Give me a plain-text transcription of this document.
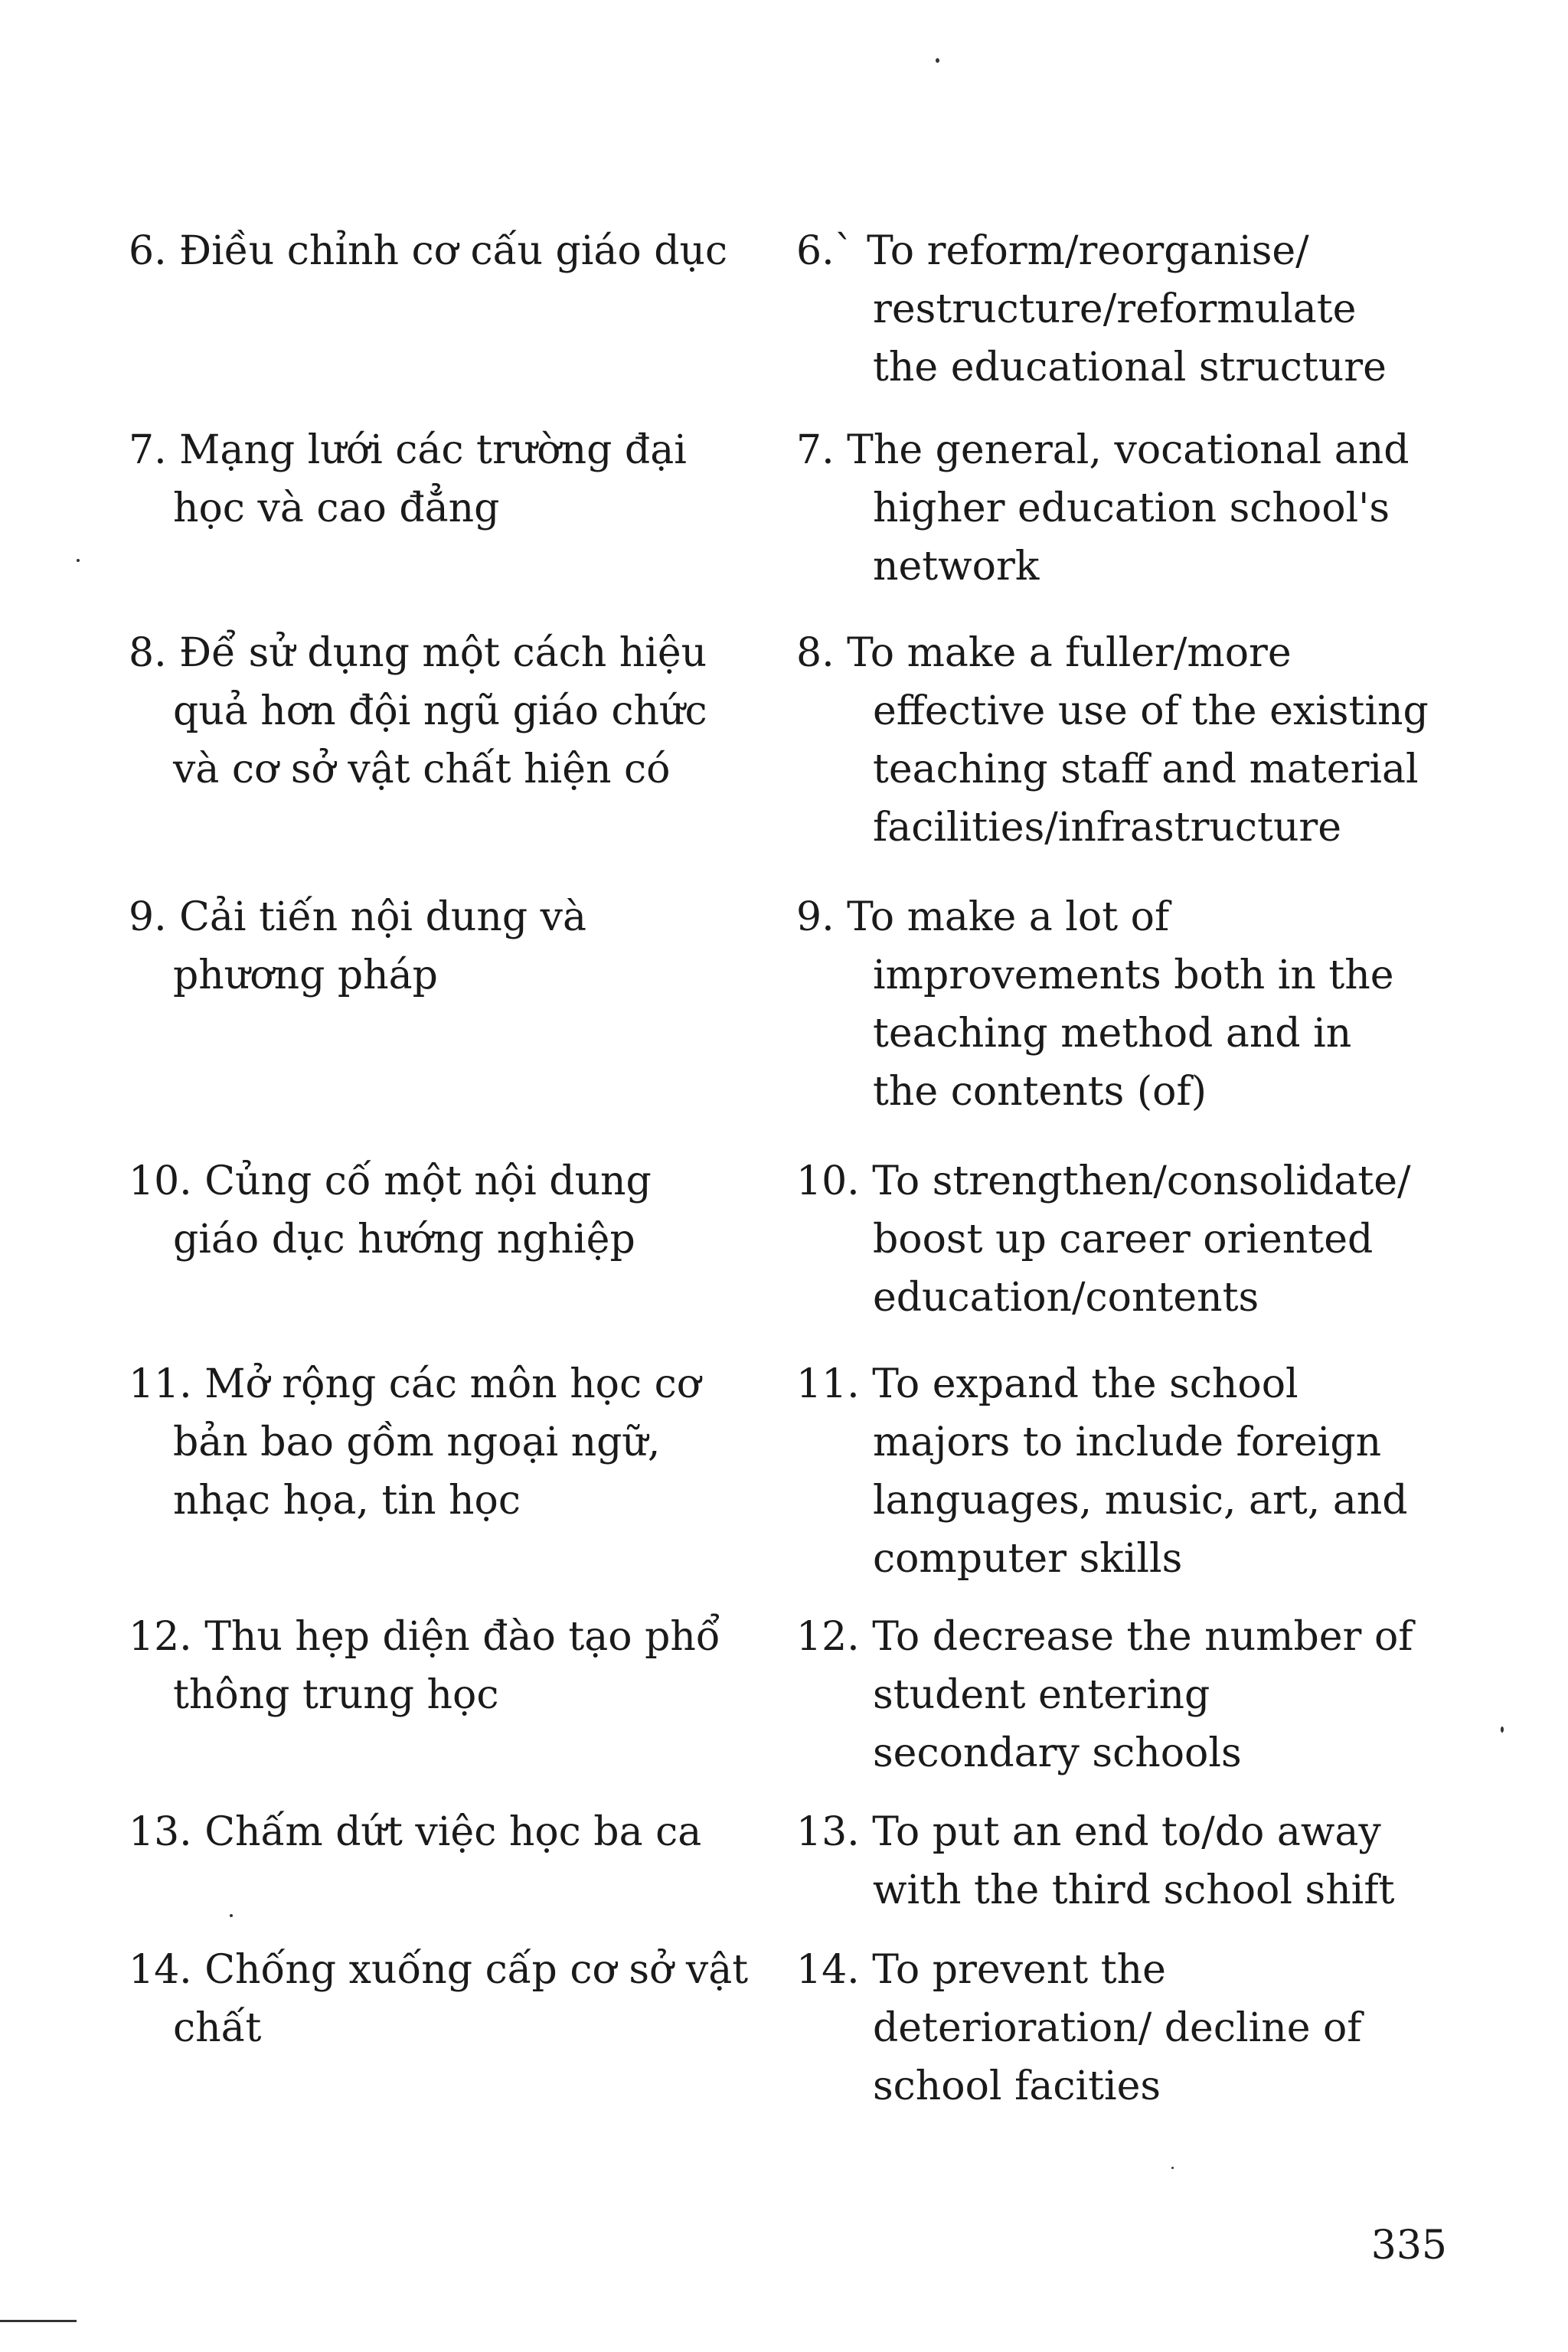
6. Điều chỉnh cơ cấu giáo dục	6.` To reform/reorganise/
restructure/reformulate
the educational structure
7. Mạng lưới các trường đại
học và cao đẳng
7. The general, vocational and
higher education school's
network
8. Để sử dụng một cách hiệu
quả hơn đội ngũ giáo chức
và cơ sở vật chất hiện có
8. To make a fuller/more
effective use of the existing
teaching staff and material
facilities/infrastructure
9. Cải tiến nội dung và
phương pháp
9. To make a lot of
improvements both in the
teaching method and in
the contents (of)
10. Củng cố một nội dung
giáo dục hướng nghiệp
10. To strengthen/consolidate/
boost up career oriented
education/contents
11. Mở rộng các môn học cơ
bản bao gồm ngoại ngữ,
nhạc họa, tin học
11. To expand the school
majors to include foreign
languages, music, art, and
computer skills
12. Thu hẹp diện đào tạo phổ
thông trung học
12. To decrease the number of
student entering
secondary schools
13. Chấm dứt việc học ba ca	13. To put an end to/do away
with the third school shift
14. Chống xuống cấp cơ sở vật
chất
14. To prevent the
deterioration/ decline of
school facities
335
